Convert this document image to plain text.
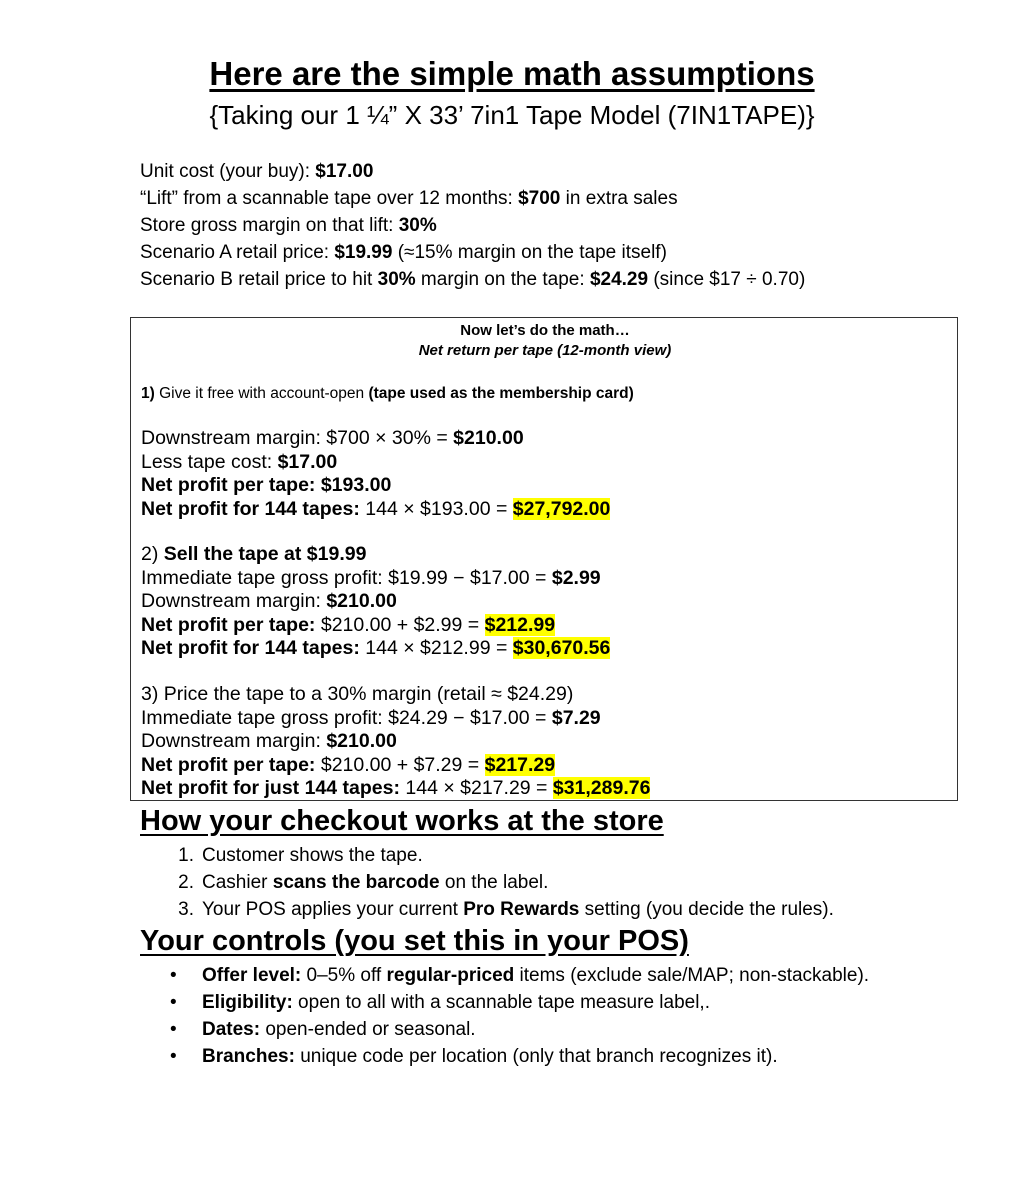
Here are the simple math assumptions
{Taking our 1 ¼” X 33’ 7in1 Tape Model (7IN1TAPE)}
Unit cost (your buy): $17.00
“Lift” from a scannable tape over 12 months: $700 in extra sales
Store gross margin on that lift: 30%
Scenario A retail price: $19.99 (≈15% margin on the tape itself)
Scenario B retail price to hit 30% margin on the tape: $24.29 (since $17 ÷ 0.70)
Now let’s do the math…
Net return per tape (12-month view)
1) Give it free with account-open (tape used as the membership card)
Downstream margin: $700 × 30% = $210.00
Less tape cost: $17.00
Net profit per tape: $193.00
Net profit for 144 tapes: 144 × $193.00 = $27,792.00
2) Sell the tape at $19.99
Immediate tape gross profit: $19.99 − $17.00 = $2.99
Downstream margin: $210.00
Net profit per tape: $210.00 + $2.99 = $212.99
Net profit for 144 tapes: 144 × $212.99 = $30,670.56
3) Price the tape to a 30% margin (retail ≈ $24.29)
Immediate tape gross profit: $24.29 − $17.00 = $7.29
Downstream margin: $210.00
Net profit per tape: $210.00 + $7.29 = $217.29
Net profit for just 144 tapes: 144 × $217.29 = $31,289.76
How your checkout works at the store
1. Customer shows the tape.
2. Cashier scans the barcode on the label.
3. Your POS applies your current Pro Rewards setting (you decide the rules).
Your controls (you set this in your POS)
• Offer level: 0–5% off regular-priced items (exclude sale/MAP; non-stackable).
• Eligibility: open to all with a scannable tape measure label,.
• Dates: open-ended or seasonal.
• Branches: unique code per location (only that branch recognizes it).
